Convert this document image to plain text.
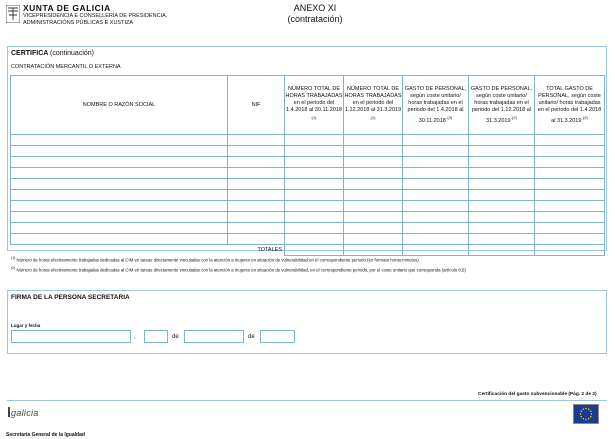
XUNTA DE GALICIA
VICEPRESIDENCIA E CONSELLERÍA DE PRESIDENCIA,
ADMINISTRACIÓNS PÚBLICAS E XUSTIZA
ANEXO XI
(contratación)
CERTIFICA (continuación)
CONTRATACIÓN MERCANTIL O EXTERNA
NOMBRE O RAZÓN SOCIAL	NIF	NÚMERO TOTAL DE HORAS TRABAJADAS en el periodo del 1.4.2018 al 30.11.2018 $^{(1)}$	NÚMERO TOTAL DE HORAS TRABAJADAS en el periodo del 1.12.2018 al 31.3.2019 $^{(1)}$	GASTO DE PERSONAL, según coste unitario/ horas trabajadas en el periodo del 1.4.2018 al 30.11.2018 $^{(2)}$	GASTO DE PERSONAL, según coste unitario/ horas trabajadas en el periodo del 1.12.2018 al 31.3.2019 $^{(2)}$	TOTAL GASTO DE PERSONAL, según coste unitario/ horas trabajadas en el periodo del 1.4.2018 al 31.3.2019 $^{(2)}$

TOTALES						
$^{(1)}$ Número de horas efectivamente trabajadas dedicadas al CIM en tareas directamente vinculadas con la atención a mujeres en situación de vulnerabilidad en el correspondiente periodo (en formato horas:minutos)
$^{(2)}$ Número de horas efectivamente trabajadas dedicadas al CIM en tareas directamente vinculadas con la atención a mujeres en situación de vulnerabilidad, en el correspondiente periodo, por el coste unitario que corresponda (artículo 8.5)
FIRMA DE LA PERSONA SECRETARIA
Lugar y fecha
,	de	de
Certificación del gasto subvencionable (Pág. 2 de 2)
galicia
Secretaría General de la Igualdad
